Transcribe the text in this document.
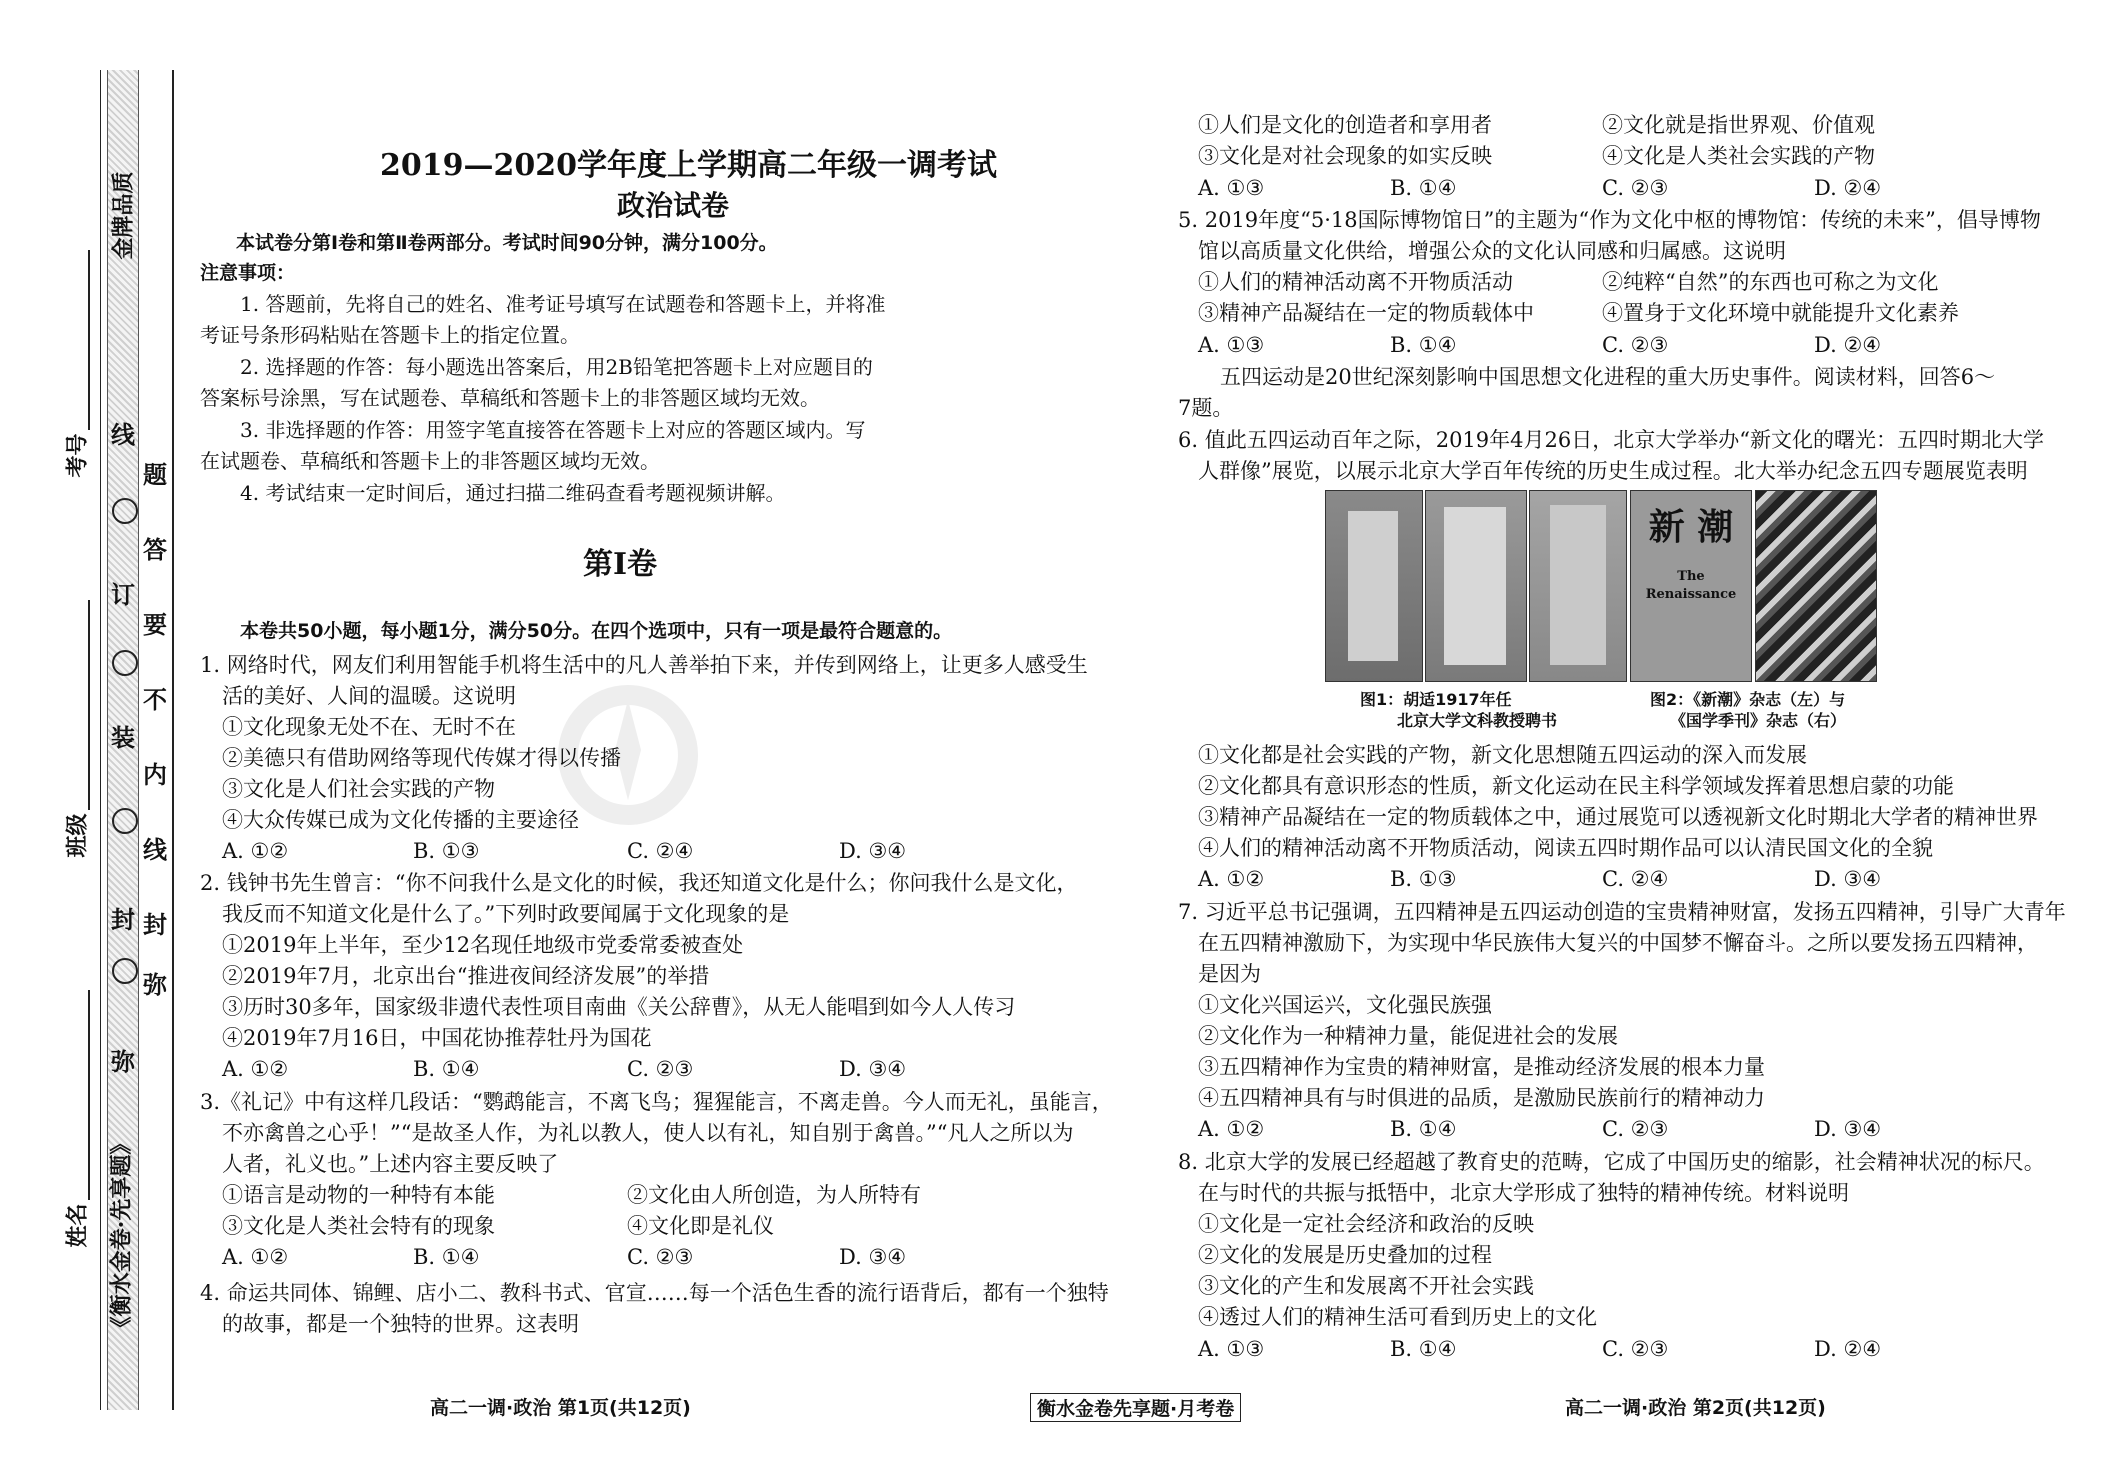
考号
班级
姓名 《衡水金卷·先享题》
金牌品质
弥
封
装
订
线
弥
封
线
内
不
要
答
题
2019—2020学年度上学期高二年级一调考试
政治试卷
本试卷分第Ⅰ卷和第Ⅱ卷两部分。考试时间90分钟，满分100分。
注意事项：
1. 答题前，先将自己的姓名、准考证号填写在试题卷和答题卡上，并将准
考证号条形码粘贴在答题卡上的指定位置。
2. 选择题的作答：每小题选出答案后，用2B铅笔把答题卡上对应题目的
答案标号涂黑，写在试题卷、草稿纸和答题卡上的非答题区域均无效。
3. 非选择题的作答：用签字笔直接答在答题卡上对应的答题区域内。写
在试题卷、草稿纸和答题卡上的非答题区域均无效。
4. 考试结束一定时间后，通过扫描二维码查看考题视频讲解。
第Ⅰ卷
本卷共50小题，每小题1分，满分50分。在四个选项中，只有一项是最符合题意的。
1. 网络时代，网友们利用智能手机将生活中的凡人善举拍下来，并传到网络上，让更多人感受生
活的美好、人间的温暖。这说明
①文化现象无处不在、无时不在
②美德只有借助网络等现代传媒才得以传播
③文化是人们社会实践的产物
④大众传媒已成为文化传播的主要途径
A. ①②	B. ①③	C. ②④	D. ③④
2. 钱钟书先生曾言：“你不问我什么是文化的时候，我还知道文化是什么；你问我什么是文化，
我反而不知道文化是什么了。”下列时政要闻属于文化现象的是
①2019年上半年，至少12名现任地级市党委常委被查处
②2019年7月，北京出台“推进夜间经济发展”的举措
③历时30多年，国家级非遗代表性项目南曲《关公辞曹》，从无人能唱到如今人人传习
④2019年7月16日，中国花协推荐牡丹为国花
A. ①②	B. ①④	C. ②③	D. ③④
3.《礼记》中有这样几段话：“鹦鹉能言，不离飞鸟；猩猩能言，不离走兽。今人而无礼，虽能言，
不亦禽兽之心乎！”“是故圣人作，为礼以教人，使人以有礼，知自别于禽兽。”“凡人之所以为
人者，礼义也。”上述内容主要反映了
①语言是动物的一种特有本能	②文化由人所创造，为人所特有
③文化是人类社会特有的现象	④文化即是礼仪
A. ①②	B. ①④	C. ②③	D. ③④
4. 命运共同体、锦鲤、店小二、教科书式、官宣……每一个活色生香的流行语背后，都有一个独特
的故事，都是一个独特的世界。这表明
①人们是文化的创造者和享用者	②文化就是指世界观、价值观
③文化是对社会现象的如实反映	④文化是人类社会实践的产物
A. ①③	B. ①④	C. ②③	D. ②④
5. 2019年度“5·18国际博物馆日”的主题为“作为文化中枢的博物馆：传统的未来”，倡导博物
馆以高质量文化供给，增强公众的文化认同感和归属感。这说明
①人们的精神活动离不开物质活动	②纯粹“自然”的东西也可称之为文化
③精神产品凝结在一定的物质载体中	④置身于文化环境中就能提升文化素养
A. ①③	B. ①④	C. ②③	D. ②④
五四运动是20世纪深刻影响中国思想文化进程的重大历史事件。阅读材料，回答6～
7题。
6. 值此五四运动百年之际，2019年4月26日，北京大学举办“新文化的曙光：五四时期北大学
人群像”展览，以展示北京大学百年传统的历史生成过程。北大举办纪念五四专题展览表明
新 潮
The
Renaissance
图1：胡适1917年任
北京大学文科教授聘书
图2：《新潮》杂志（左）与
《国学季刊》杂志（右）
①文化都是社会实践的产物，新文化思想随五四运动的深入而发展
②文化都具有意识形态的性质，新文化运动在民主科学领域发挥着思想启蒙的功能
③精神产品凝结在一定的物质载体之中，通过展览可以透视新文化时期北大学者的精神世界
④人们的精神活动离不开物质活动，阅读五四时期作品可以认清民国文化的全貌
A. ①②	B. ①③	C. ②④	D. ③④
7. 习近平总书记强调，五四精神是五四运动创造的宝贵精神财富，发扬五四精神，引导广大青年
在五四精神激励下，为实现中华民族伟大复兴的中国梦不懈奋斗。之所以要发扬五四精神，
是因为
①文化兴国运兴，文化强民族强
②文化作为一种精神力量，能促进社会的发展
③五四精神作为宝贵的精神财富，是推动经济发展的根本力量
④五四精神具有与时俱进的品质，是激励民族前行的精神动力
A. ①②	B. ①④	C. ②③	D. ③④
8. 北京大学的发展已经超越了教育史的范畴，它成了中国历史的缩影，社会精神状况的标尺。
在与时代的共振与抵牾中，北京大学形成了独特的精神传统。材料说明
①文化是一定社会经济和政治的反映
②文化的发展是历史叠加的过程
③文化的产生和发展离不开社会实践
④透过人们的精神生活可看到历史上的文化
A. ①③	B. ①④	C. ②③	D. ②④
高二一调·政治 第1页(共12页)	衡水金卷先享题·月考卷	高二一调·政治 第2页(共12页)
